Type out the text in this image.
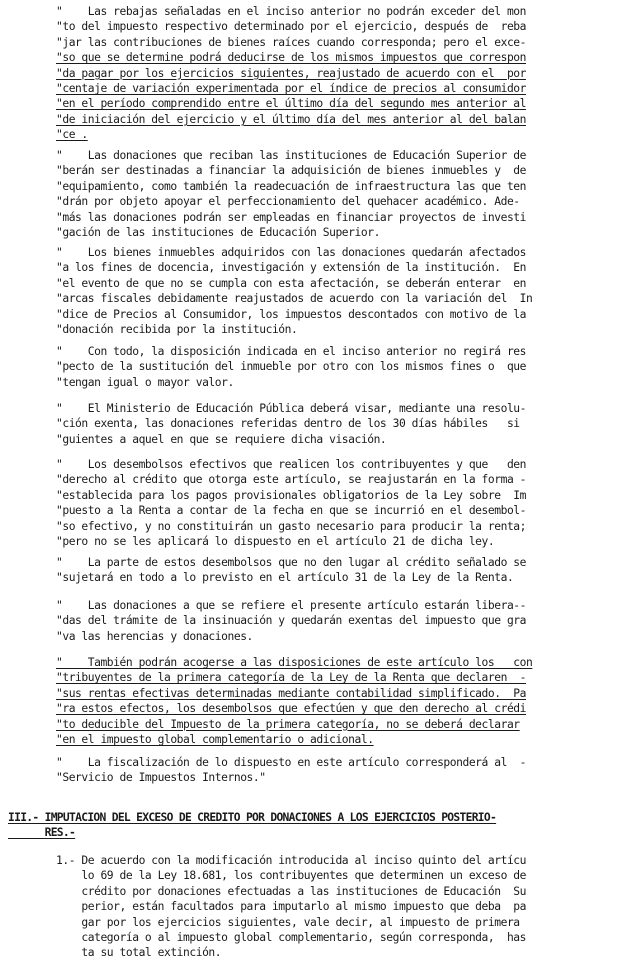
"    Las rebajas señaladas en el inciso anterior no podrán exceder del mon
"to del impuesto respectivo determinado por el ejercicio, después de  reba
"jar las contribuciones de bienes raíces cuando corresponda; pero el exce-
"so que se determine podrá deducirse de los mismos impuestos que correspon
"da pagar por los ejercicios siguientes, reajustado de acuerdo con el  por
"centaje de variación experimentada por el índice de precios al consumidor
"en el período comprendido entre el último día del segundo mes anterior al
"de iniciación del ejercicio y el último día del mes anterior al del balan
"ce .
"    Las donaciones que reciban las instituciones de Educación Superior de
"berán ser destinadas a financiar la adquisición de bienes inmuebles y  de
"equipamiento, como también la readecuación de infraestructura las que ten
"drán por objeto apoyar el perfeccionamiento del quehacer académico. Ade-
"más las donaciones podrán ser empleadas en financiar proyectos de investi
"gación de las instituciones de Educación Superior.
"    Los bienes inmuebles adquiridos con las donaciones quedarán afectados
"a los fines de docencia, investigación y extensión de la institución.  En
"el evento de que no se cumpla con esta afectación, se deberán enterar  en
"arcas fiscales debidamente reajustados de acuerdo con la variación del  In
"dice de Precios al Consumidor, los impuestos descontados con motivo de la
"donación recibida por la institución.
"    Con todo, la disposición indicada en el inciso anterior no regirá res
"pecto de la sustitución del inmueble por otro con los mismos fines o  que
"tengan igual o mayor valor.
"    El Ministerio de Educación Pública deberá visar, mediante una resolu-
"ción exenta, las donaciones referidas dentro de los 30 días hábiles   si
"guientes a aquel en que se requiere dicha visación.
"    Los desembolsos efectivos que realicen los contribuyentes y que   den
"derecho al crédito que otorga este artículo, se reajustarán en la forma -
"establecida para los pagos provisionales obligatorios de la Ley sobre  Im
"puesto a la Renta a contar de la fecha en que se incurrió en el desembol-
"so efectivo, y no constituirán un gasto necesario para producir la renta;
"pero no se les aplicará lo dispuesto en el artículo 21 de dicha ley.
"    La parte de estos desembolsos que no den lugar al crédito señalado se
"sujetará en todo a lo previsto en el artículo 31 de la Ley de la Renta.
"    Las donaciones a que se refiere el presente artículo estarán libera--
"das del trámite de la insinuación y quedarán exentas del impuesto que gra
"va las herencias y donaciones.
"    También podrán acogerse a las disposiciones de este artículo los   con
"tribuyentes de la primera categoría de la Ley de la Renta que declaren  -
"sus rentas efectivas determinadas mediante contabilidad simplificado.  Pa
"ra estos efectos, los desembolsos que efectúen y que den derecho al crédi
"to deducible del Impuesto de la primera categoría, no se deberá declarar
"en el impuesto global complementario o adicional.
"    La fiscalización de lo dispuesto en este artículo corresponderá al  -
"Servicio de Impuestos Internos."
III.- IMPUTACION DEL EXCESO DE CREDITO POR DONACIONES A LOS EJERCICIOS POSTERIO-
RES.-
1.- De acuerdo con la modificación introducida al inciso quinto del artícu
lo 69 de la Ley 18.681, los contribuyentes que determinen un exceso de
crédito por donaciones efectuadas a las instituciones de Educación  Su
perior, están facultados para imputarlo al mismo impuesto que deba  pa
gar por los ejercicios siguientes, vale decir, al impuesto de primera
categoría o al impuesto global complementario, según corresponda,  has
ta su total extinción.
